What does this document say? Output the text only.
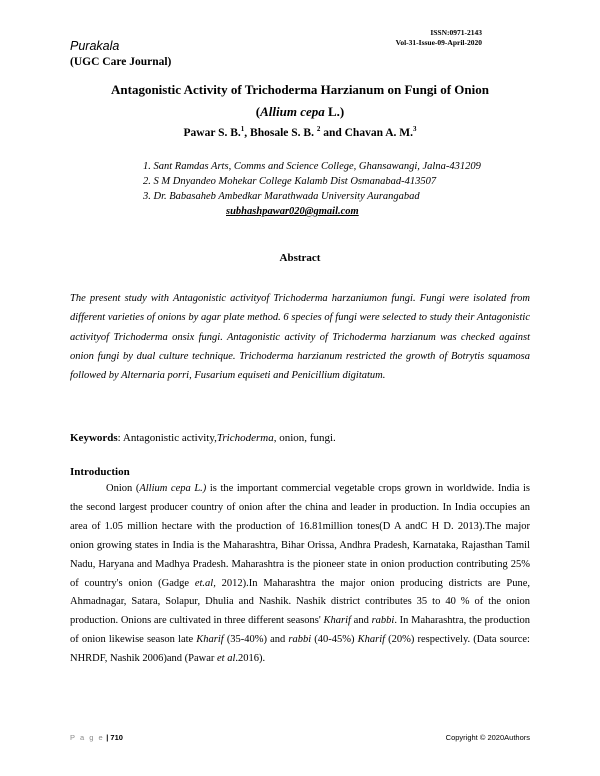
Purakala
(UGC Care Journal)
ISSN:0971-2143
Vol-31-Issue-09-April-2020
Antagonistic Activity of Trichoderma Harzianum on Fungi of Onion
(Allium cepa L.)
Pawar S. B.$^1$, Bhosale S. B. $^2$ and Chavan A. M.$^3$
1. Sant Ramdas Arts, Comms and Science College, Ghansawangi, Jalna-431209
2. S M Dnyandeo Mohekar College Kalamb Dist Osmanabad-413507
3. Dr. Babasaheb Ambedkar Marathwada University Aurangabad
subhashpawar020@gmail.com
Abstract
The present study with Antagonistic activityof Trichoderma harzaniumon fungi. Fungi were isolated from different varieties of onions by agar plate method. 6 species of fungi were selected to study their Antagonistic activityof Trichoderma onsix fungi. Antagonistic activity of Trichoderma harzianum was checked against onion fungi by dual culture technique. Trichoderma harzianum restricted the growth of Botrytis squamosa followed by Alternaria porri, Fusarium equiseti and Penicillium digitatum.
Keywords: Antagonistic activity,Trichoderma, onion, fungi.
Introduction
Onion (Allium cepa L.) is the important commercial vegetable crops grown in worldwide. India is the second largest producer country of onion after the china and leader in production. In India occupies an area of 1.05 million hectare with the production of 16.81million tones(D A andC H D. 2013).The major onion growing states in India is the Maharashtra, Bihar Orissa, Andhra Pradesh, Karnataka, Rajasthan Tamil Nadu, Haryana and Madhya Pradesh. Maharashtra is the pioneer state in onion production contributing 25% of country's onion (Gadge et.al, 2012).In Maharashtra the major onion producing districts are Pune, Ahmadnagar, Satara, Solapur, Dhulia and Nashik. Nashik district contributes 35 to 40 % of the onion production. Onions are cultivated in three different seasons' Kharif and rabbi. In Maharashtra, the production of onion likewise season late Kharif (35-40%) and rabbi (40-45%) Kharif (20%) respectively. (Data source: NHRDF, Nashik 2006)and (Pawar et al.2016).
P a g e | 710	Copyright © 2020Authors
